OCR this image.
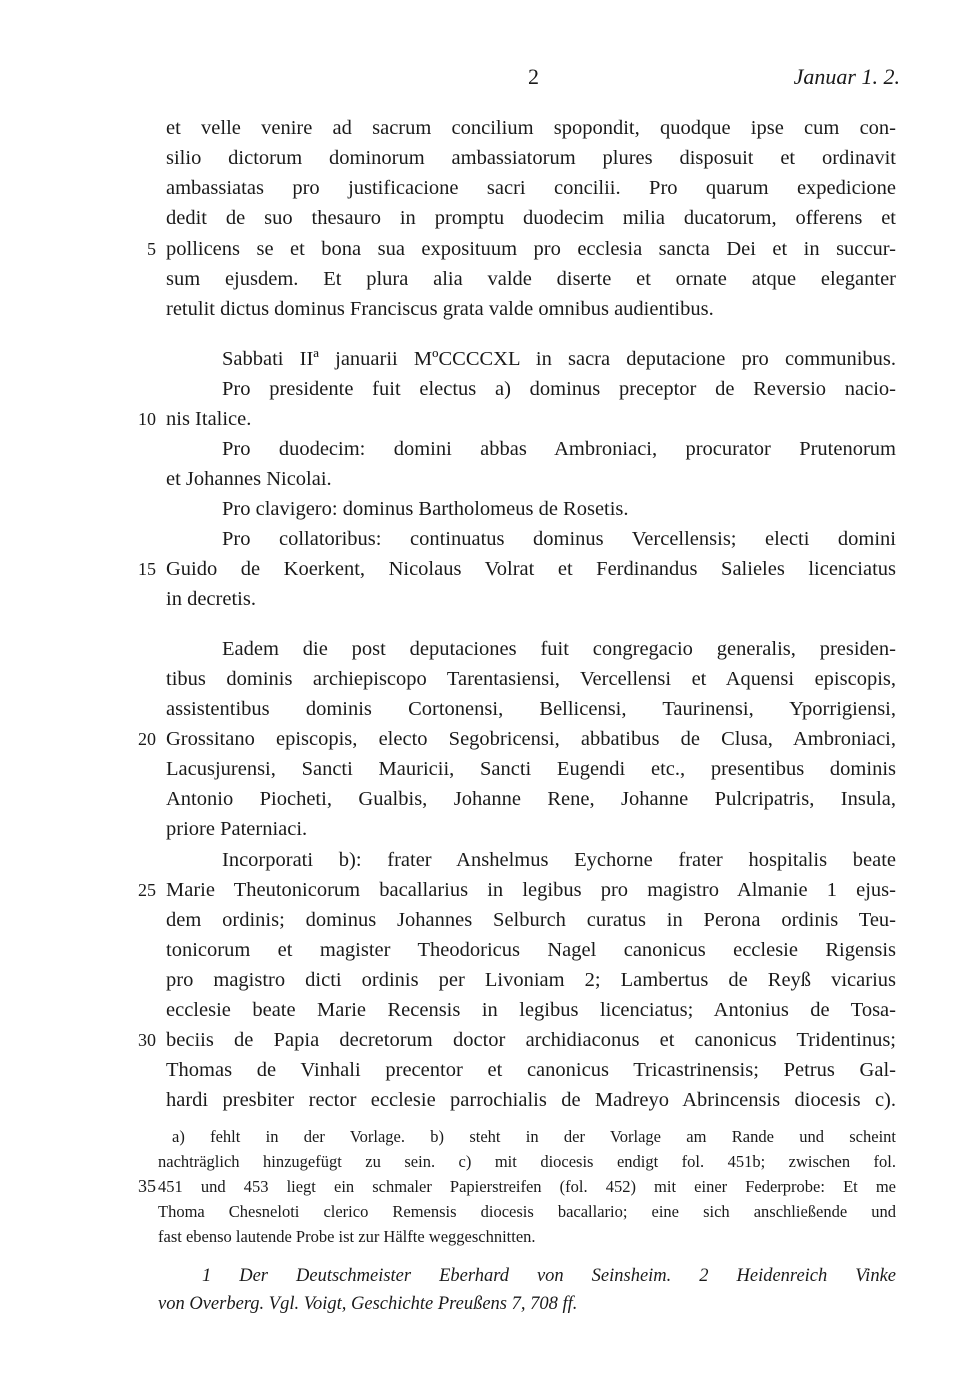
2	Januar 1. 2.
et velle venire ad sacrum concilium spopondit, quodque ipse cum con-
silio dictorum dominorum ambassiatorum plures disposuit et ordinavit
ambassiatas pro justificacione sacri concilii. Pro quarum expedicione
dedit de suo thesauro in promptu duodecim milia ducatorum, offerens et
5 pollicens se et bona sua exposituum pro ecclesia sancta Dei et in succur-
sum ejusdem. Et plura alia valde diserte et ornate atque eleganter
retulit dictus dominus Franciscus grata valde omnibus audientibus.
Sabbati IIª januarii MºCCCCXL in sacra deputacione pro communibus.
Pro presidente fuit electus a) dominus preceptor de Reversio nacio-
10 nis Italice.
Pro duodecim: domini abbas Ambroniaci, procurator Prutenorum
et Johannes Nicolai.
Pro clavigero: dominus Bartholomeus de Rosetis.
Pro collatoribus: continuatus dominus Vercellensis; electi domini
15 Guido de Koerkent, Nicolaus Volrat et Ferdinandus Salieles licenciatus
in decretis.
Eadem die post deputaciones fuit congregacio generalis, presiden-
tibus dominis archiepiscopo Tarentasiensi, Vercellensi et Aquensi episcopis,
assistentibus dominis Cortonensi, Bellicensi, Taurinensi, Yporrigiensi,
20 Grossitano episcopis, electo Segobricensi, abbatibus de Clusa, Ambroniaci,
Lacusjurensi, Sancti Mauricii, Sancti Eugendi etc., presentibus dominis
Antonio Piocheti, Gualbis, Johanne Rene, Johanne Pulcripatris, Insula,
priore Paterniaci.
Incorporati b): frater Anshelmus Eychorne frater hospitalis beate
25 Marie Theutonicorum bacallarius in legibus pro magistro Almanie 1 ejus-
dem ordinis; dominus Johannes Selburch curatus in Perona ordinis Teu-
tonicorum et magister Theodoricus Nagel canonicus ecclesie Rigensis
pro magistro dicti ordinis per Livoniam 2; Lambertus de Reyß vicarius
ecclesie beate Marie Recensis in legibus licenciatus; Antonius de Tosa-
30 beciis de Papia decretorum doctor archidiaconus et canonicus Tridentinus;
Thomas de Vinhali precentor et canonicus Tricastrinensis; Petrus Gal-
hardi presbiter rector ecclesie parrochialis de Madreyo Abrincensis diocesis c).
a) fehlt in der Vorlage. b) steht in der Vorlage am Rande und scheint
nachträglich hinzugefügt zu sein. c) mit diocesis endigt fol. 451b; zwischen fol.
35 451 und 453 liegt ein schmaler Papierstreifen (fol. 452) mit einer Federprobe: Et me
Thoma Chesneloti clerico Remensis diocesis bacallario; eine sich anschließende und
fast ebenso lautende Probe ist zur Hälfte weggeschnitten.
1 Der Deutschmeister Eberhard von Seinsheim. 2 Heidenreich Vinke
von Overberg. Vgl. Voigt, Geschichte Preußens 7, 708 ff.
